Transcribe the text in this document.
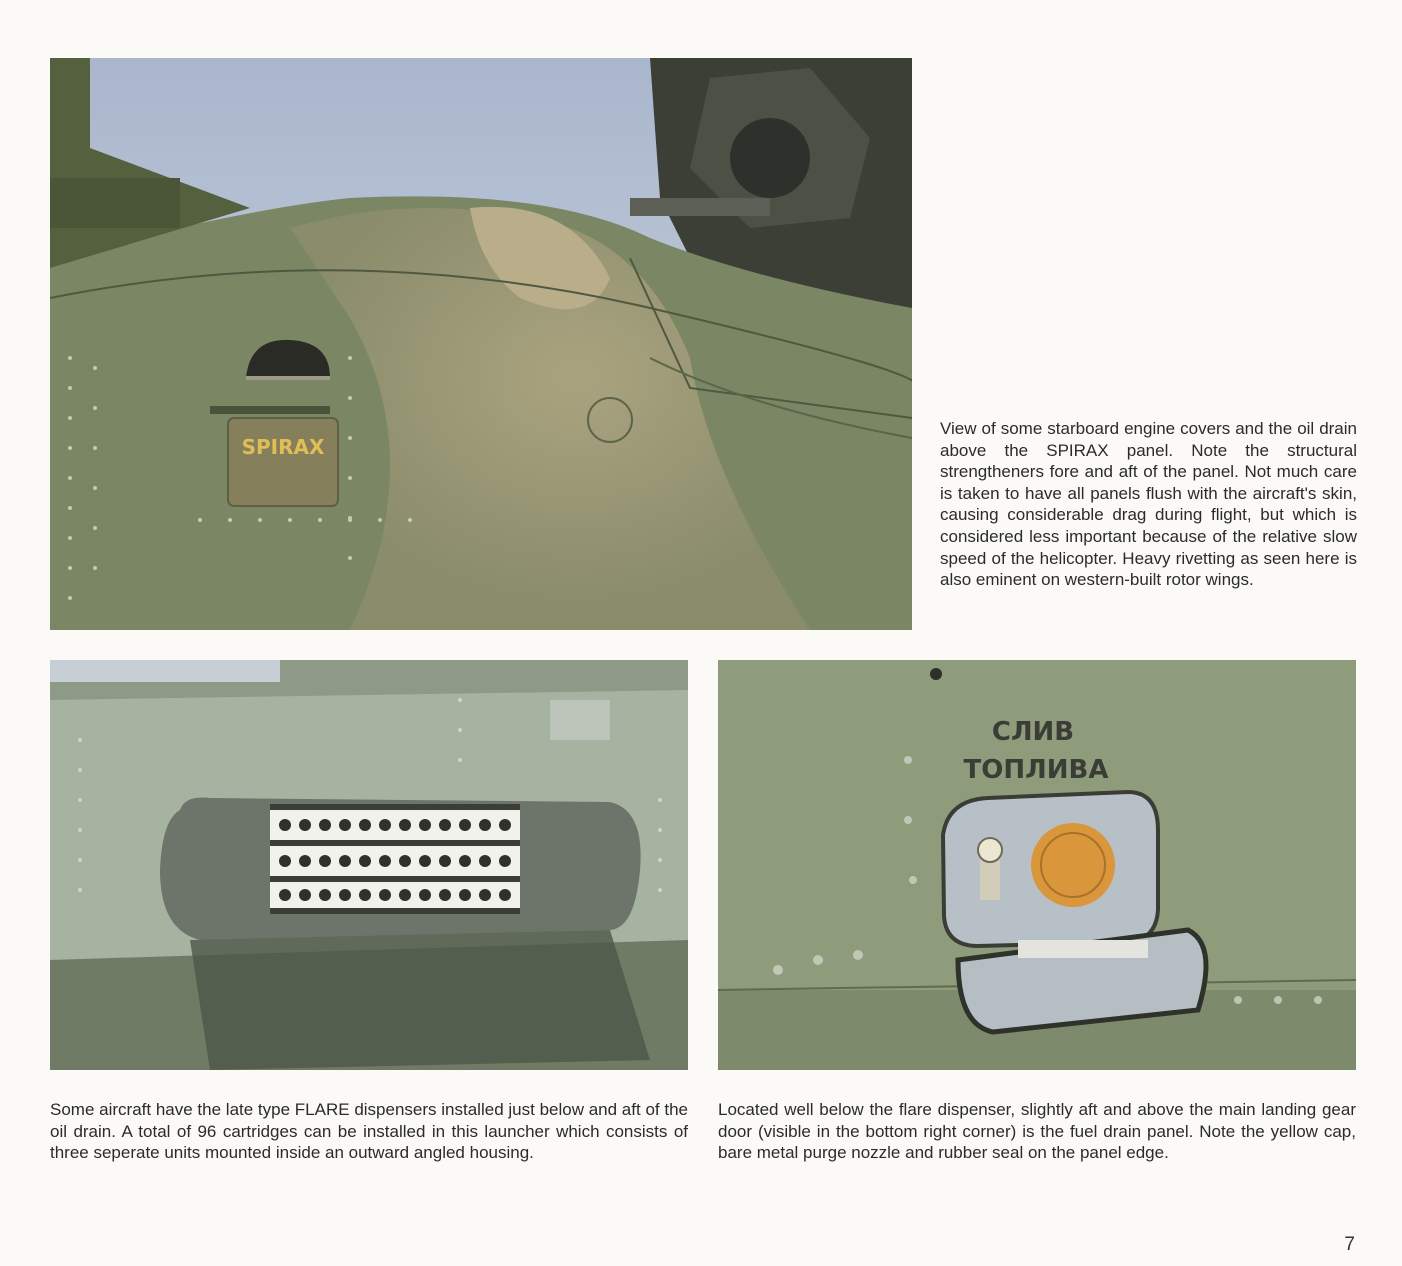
SPIRAX

View of some starboard engine covers and the oil drain above the SPIRAX panel. Note the structural strengtheners fore and aft of the panel. Not much care is taken to have all panels flush with the aircraft's skin, causing considerable drag during flight, but which is considered less important because of the relative slow speed of the helicopter. Heavy rivetting as seen here is also eminent on western-built rotor wings.

СЛИВ
ТОПЛИВА

Some aircraft have the late type FLARE dispensers installed just below and aft of the oil drain. A total of 96 cartridges can be installed in this launcher which consists of three seperate units mounted inside an outward angled housing.

Located well below the flare dispenser, slightly aft and above the main landing gear door (visible in the bottom right corner) is the fuel drain panel. Note the yellow cap, bare metal purge nozzle and rubber seal on the panel edge.

7
